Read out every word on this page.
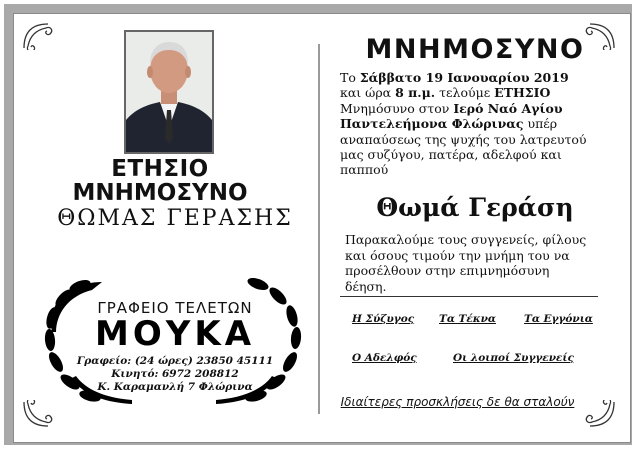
ΕΤΗΣΙΟ
ΜΝΗΜΟΣΥΝΟ
ΘΩΜΑΣ ΓΕΡΑΣΗΣ
ΓΡΑΦΕΙΟ ΤΕΛΕΤΩΝ
ΜΟΥΚΑ
Γραφείο: (24 ώρες) 23850 45111
Κινητό: 6972 208812
Κ. Καραμανλή 7 Φλώρινα
ΜΝΗΜΟΣΥΝΟ
Το Σάββατο 19 Ιανουαρίου 2019
και ώρα 8 π.μ. τελούμε ΕΤΗΣΙΟ
Μνημόσυνο στον Ιερό Ναό Αγίου
Παντελεήμονα Φλώρινας υπέρ
αναπαύσεως της ψυχής του λατρευτού
μας συζύγου, πατέρα, αδελφού και
παππού
Θωμά Γεράση
Παρακαλούμε τους συγγενείς, φίλους
και όσους τιμούν την μνήμη του να
προσέλθουν στην επιμνημόσυνη
δέηση.
Η Σύζυγος Τα Τέκνα	Τα Εγγόνια
Ο Αδελφός	Οι λοιποί Συγγενείς
Ιδιαίτερες προσκλήσεις δε θα σταλούν
